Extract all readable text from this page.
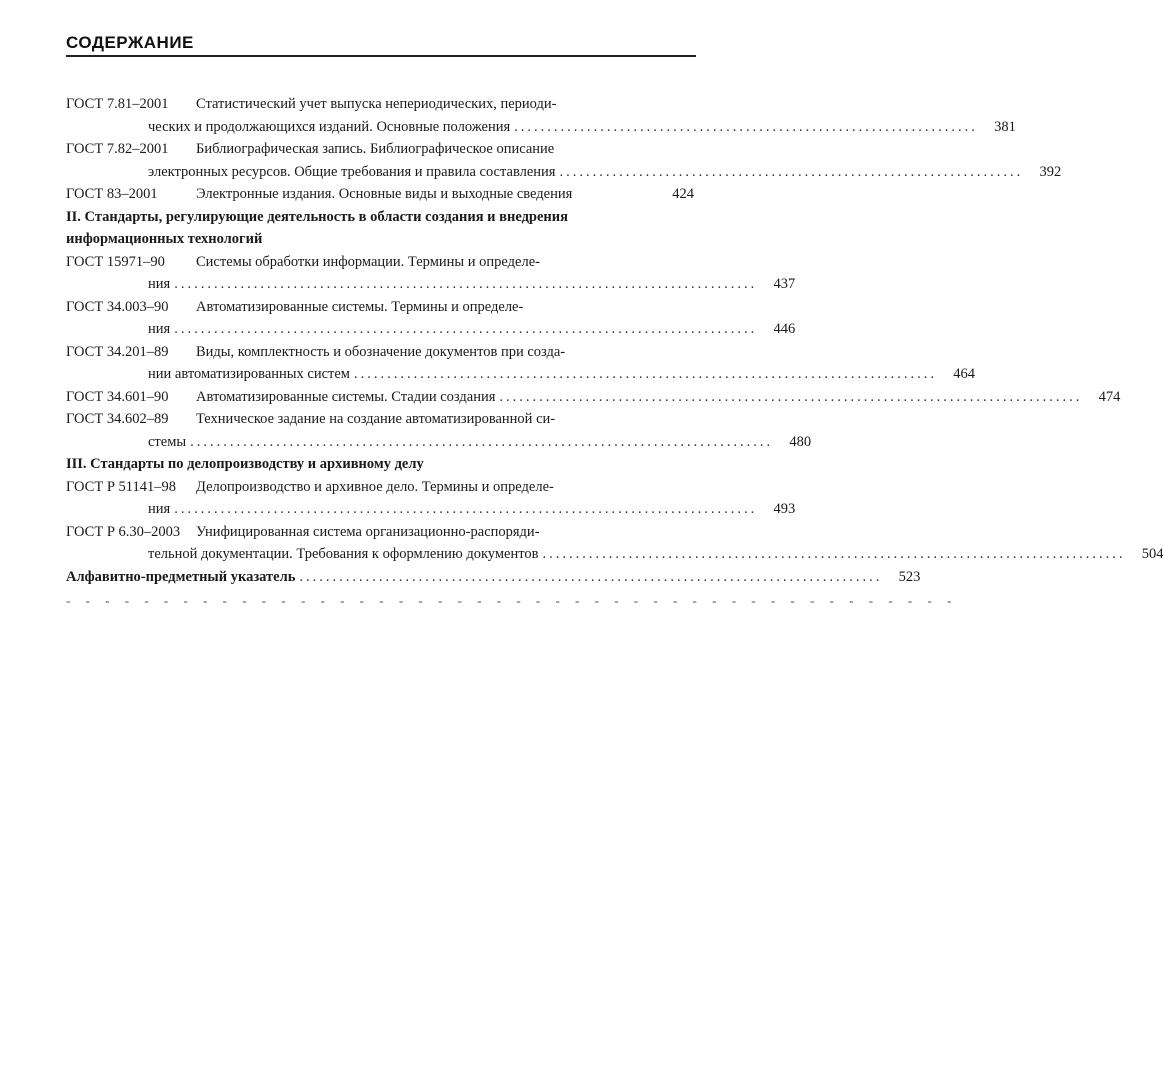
СОДЕРЖАНИЕ
ГОСТ 7.81–2001	Статистический учет выпуска непериодических, периоди-
ческих и продолжающихся изданий. Основные положения ......................................................................	381
ГОСТ 7.82–2001	Библиографическая запись. Библиографическое описание
электронных ресурсов. Общие требования и правила составления ......................................................................	392
ГОСТ 83–2001	Электронные издания. Основные виды и выходные сведения	424
II. Стандарты, регулирующие деятельность в области создания и внедрения информационных технологий
ГОСТ 15971–90	Системы обработки информации. Термины и определе-
ния ........................................................................................	437
ГОСТ 34.003–90	Автоматизированные системы. Термины и определе-
ния ........................................................................................	446
ГОСТ 34.201–89	Виды, комплектность и обозначение документов при созда-
нии автоматизированных систем ........................................................................................	464
ГОСТ 34.601–90	Автоматизированные системы. Стадии создания ........................................................................................	474
ГОСТ 34.602–89	Техническое задание на создание автоматизированной си-
стемы ........................................................................................	480
III. Стандарты по делопроизводству и архивному делу
ГОСТ Р 51141–98	Делопроизводство и архивное дело. Термины и определе-
ния ........................................................................................	493
ГОСТ Р 6.30–2003	Унифицированная система организационно-распоряди-
тельной документации. Требования к оформлению документов ........................................................................................	504
Алфавитно-предметный указатель ........................................................................................	523
- - - - - - - - - - - - - - - - - - - - - - - - - - - - - - - - - - - - - - - - - - - - - -
